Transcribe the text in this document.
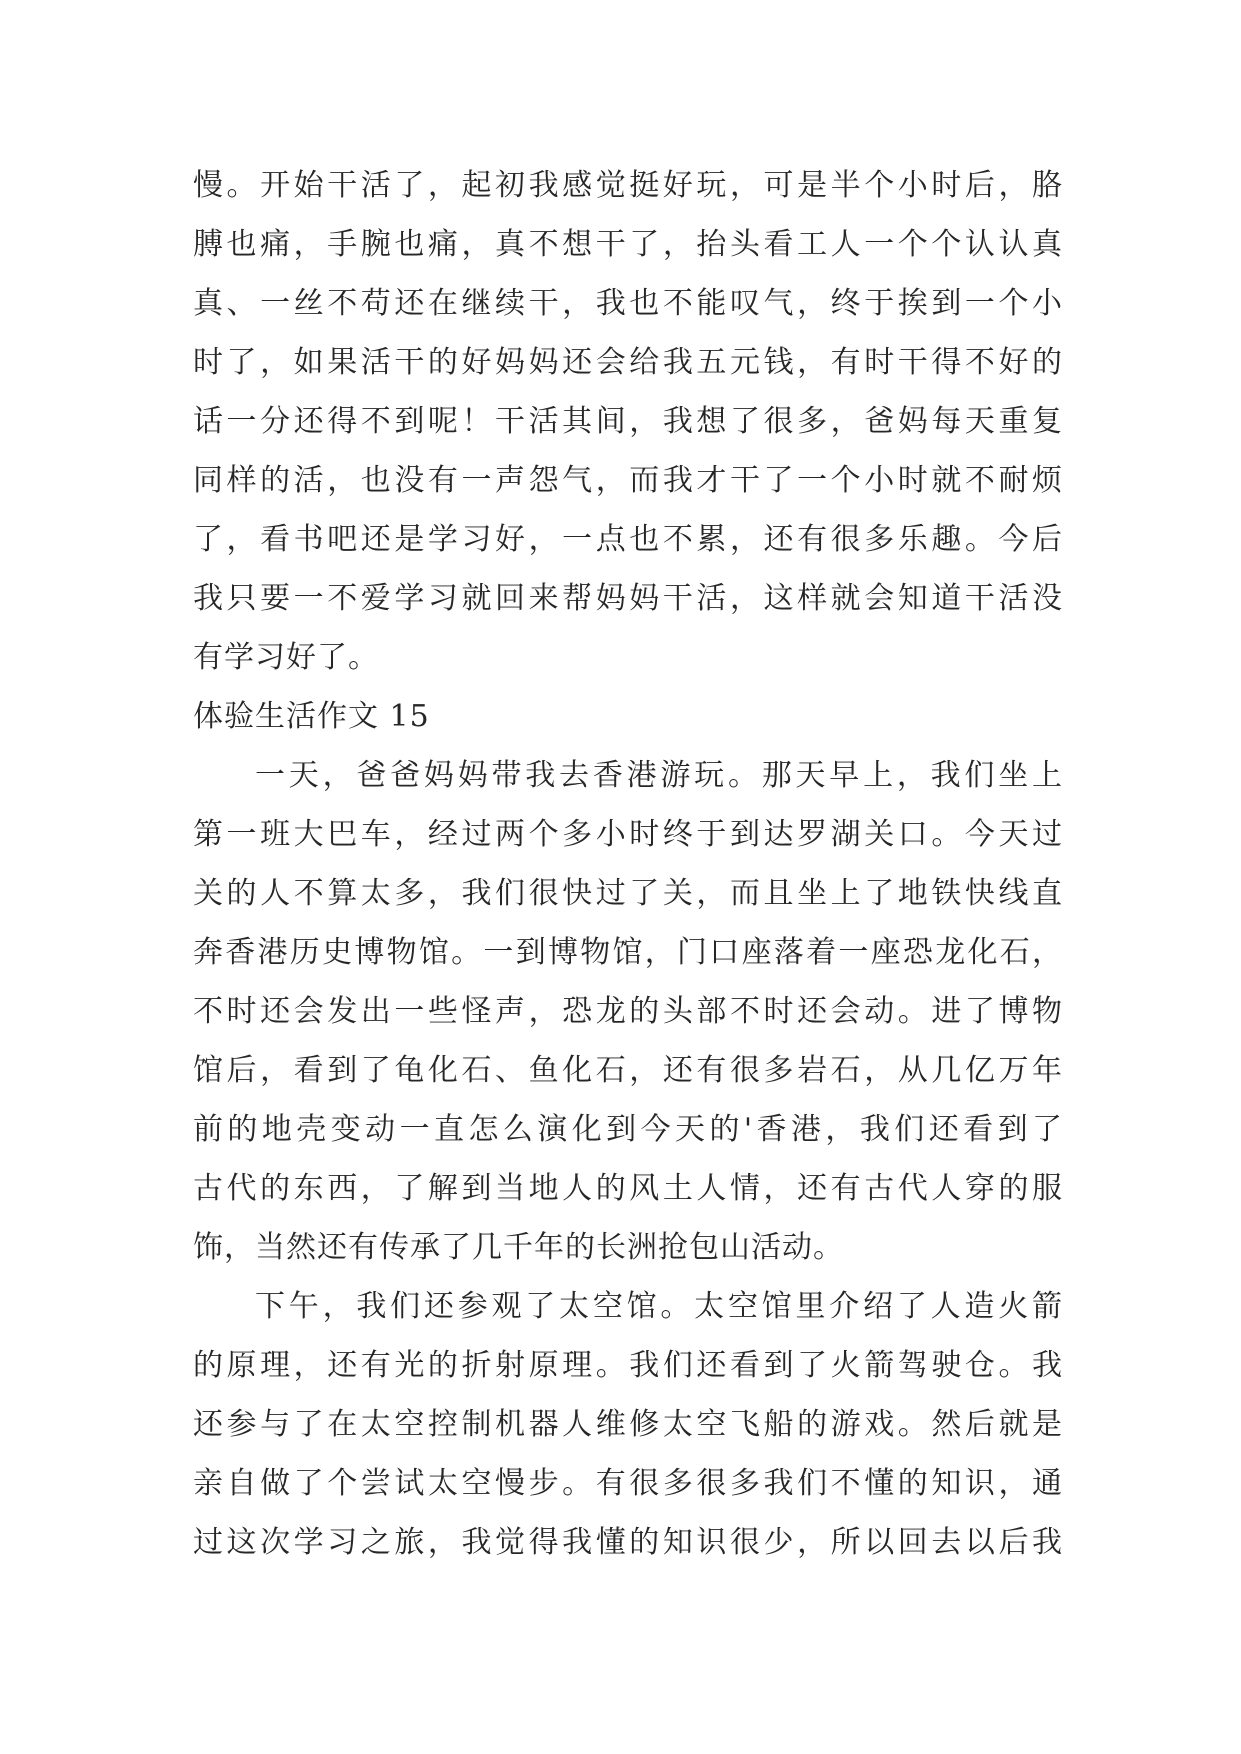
慢。开始干活了，起初我感觉挺好玩，可是半个小时后，胳
膊也痛，手腕也痛，真不想干了，抬头看工人一个个认认真
真、一丝不苟还在继续干，我也不能叹气，终于挨到一个小
时了，如果活干的好妈妈还会给我五元钱，有时干得不好的
话一分还得不到呢！干活其间，我想了很多，爸妈每天重复
同样的活，也没有一声怨气，而我才干了一个小时就不耐烦
了，看书吧还是学习好，一点也不累，还有很多乐趣。今后
我只要一不爱学习就回来帮妈妈干活，这样就会知道干活没
有学习好了。
体验生活作文 15
一天，爸爸妈妈带我去香港游玩。那天早上，我们坐上
第一班大巴车，经过两个多小时终于到达罗湖关口。今天过
关的人不算太多，我们很快过了关，而且坐上了地铁快线直
奔香港历史博物馆。一到博物馆，门口座落着一座恐龙化石，
不时还会发出一些怪声，恐龙的头部不时还会动。进了博物
馆后，看到了龟化石、鱼化石，还有很多岩石，从几亿万年
前的地壳变动一直怎么演化到今天的'香港，我们还看到了
古代的东西，了解到当地人的风土人情，还有古代人穿的服
饰，当然还有传承了几千年的长洲抢包山活动。
下午，我们还参观了太空馆。太空馆里介绍了人造火箭
的原理，还有光的折射原理。我们还看到了火箭驾驶仓。我
还参与了在太空控制机器人维修太空飞船的游戏。然后就是
亲自做了个尝试太空慢步。有很多很多我们不懂的知识，通
过这次学习之旅，我觉得我懂的知识很少，所以回去以后我
